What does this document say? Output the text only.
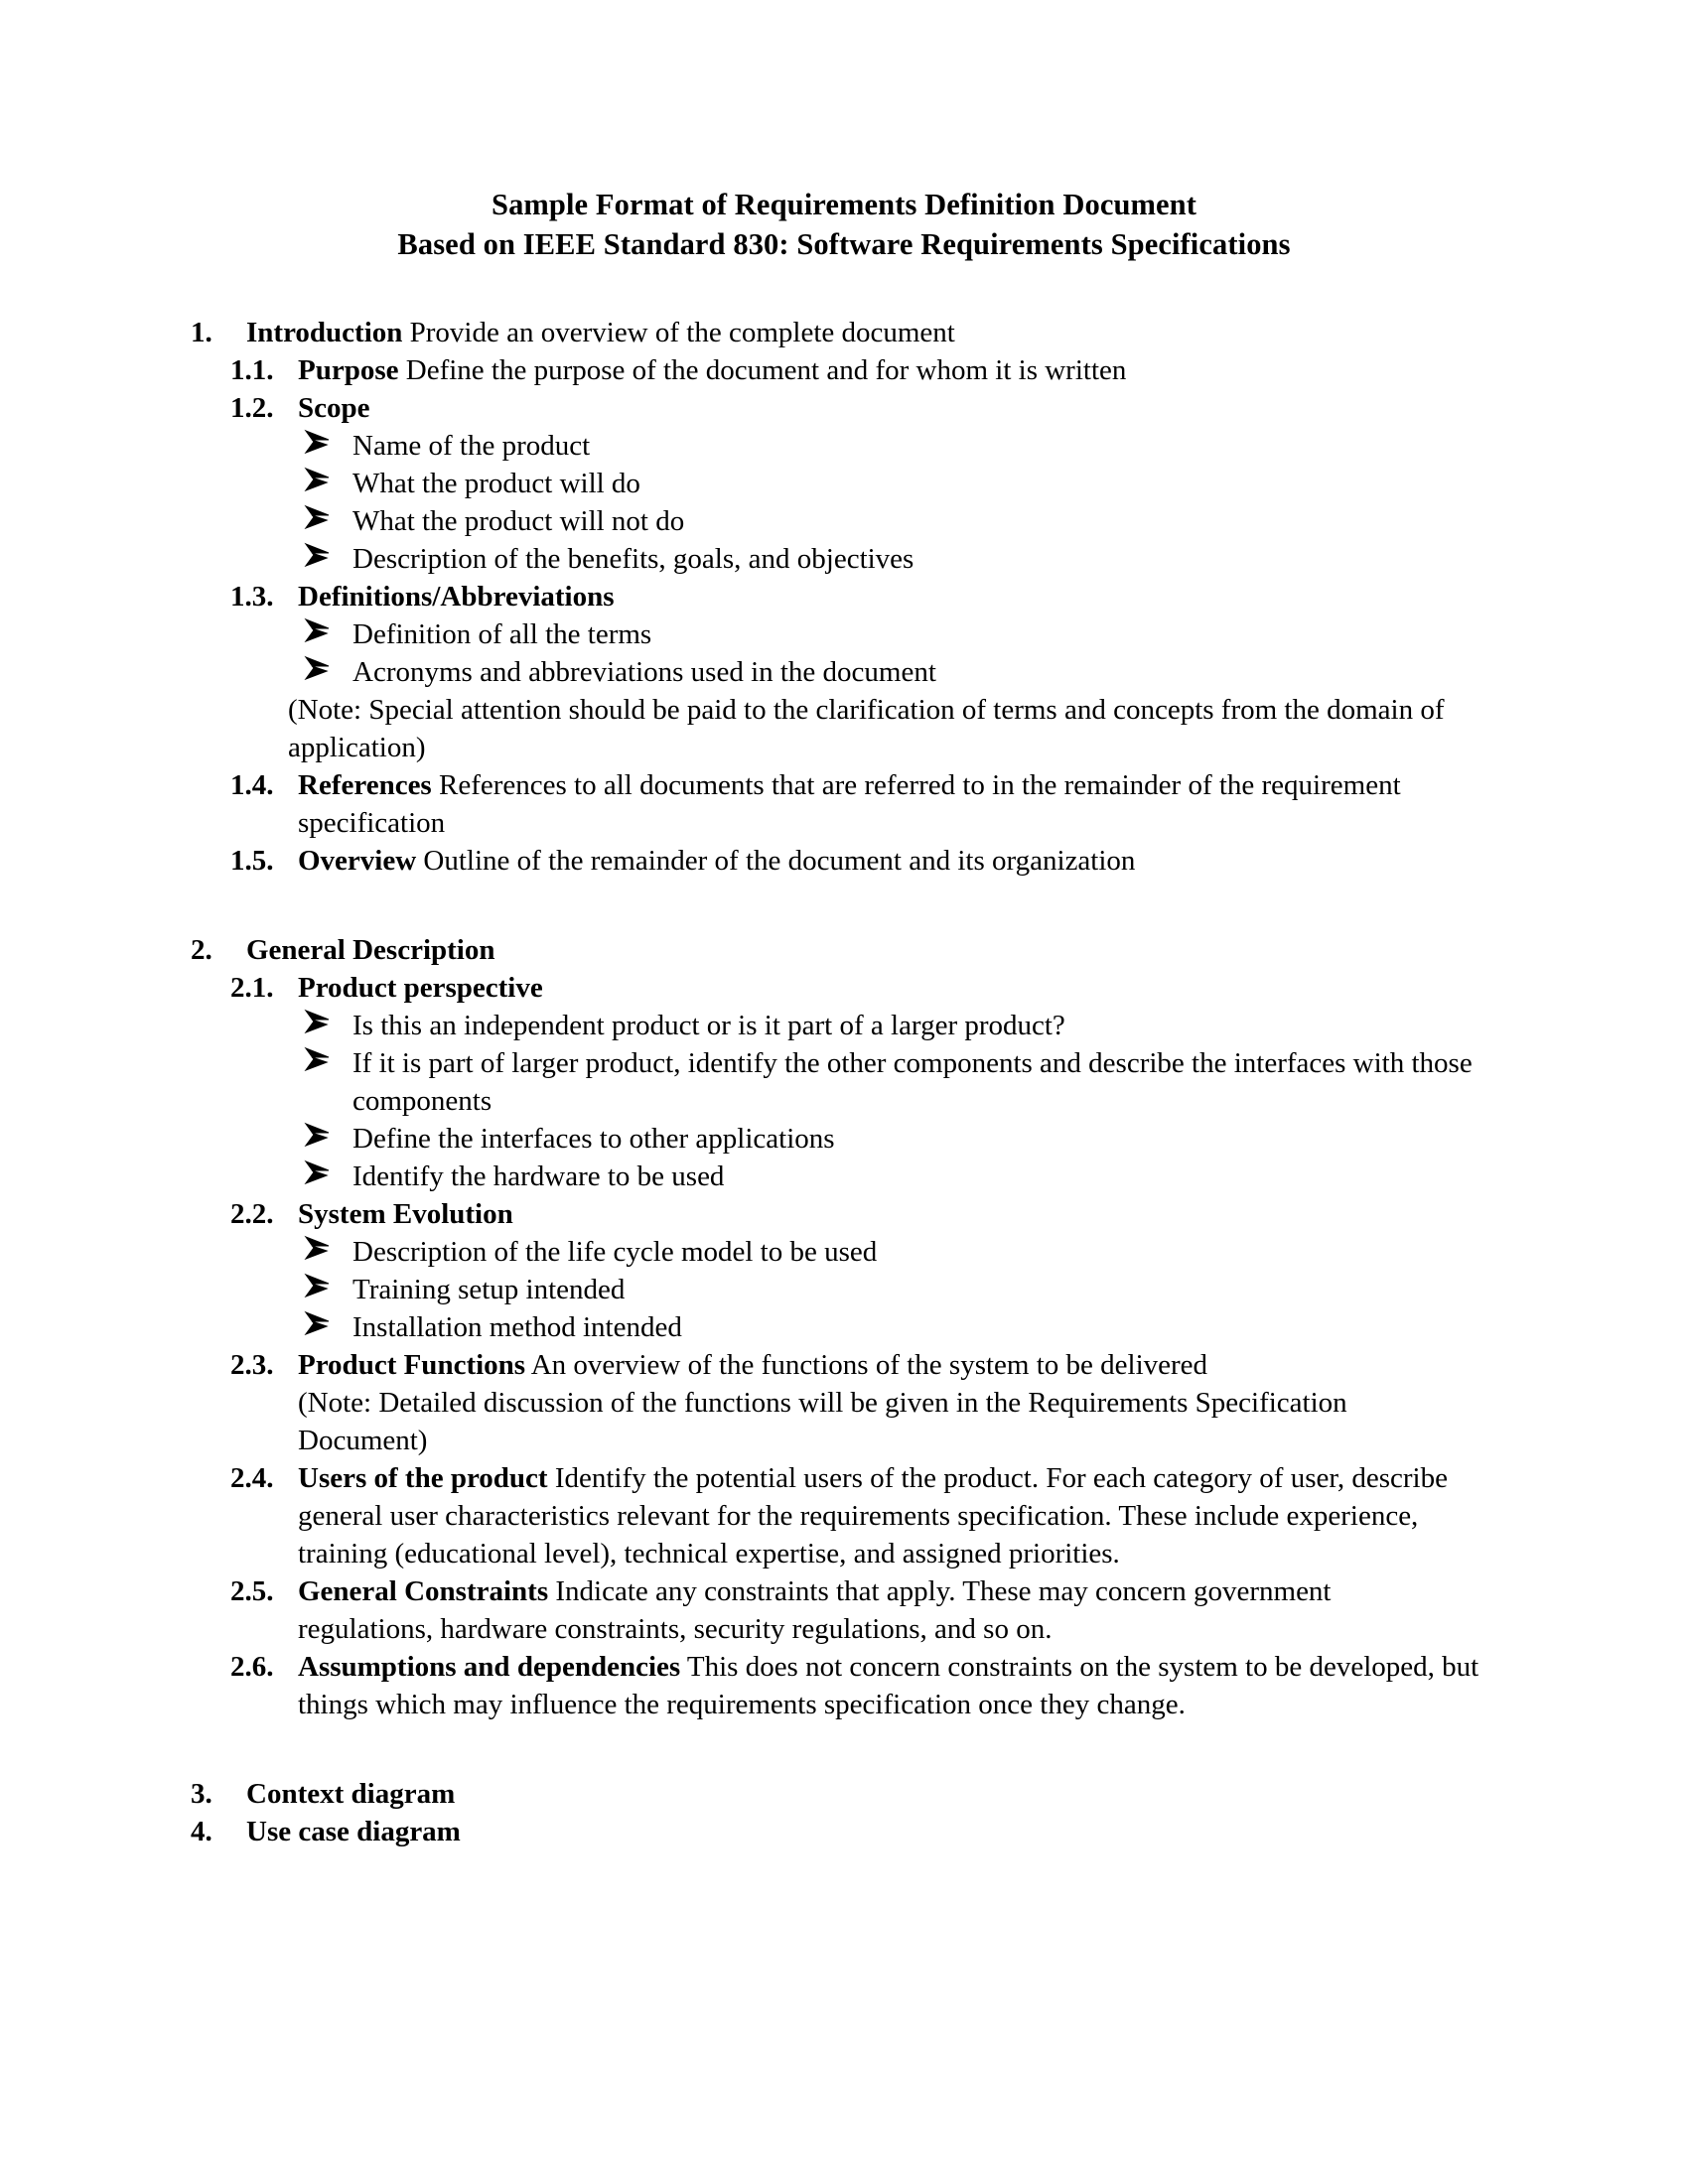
Sample Format of Requirements Definition Document
Based on IEEE Standard 830: Software Requirements Specifications
1. Introduction Provide an overview of the complete document
1.1. Purpose Define the purpose of the document and for whom it is written
1.2. Scope
Name of the product
What the product will do
What the product will not do
Description of the benefits, goals, and objectives
1.3. Definitions/Abbreviations
Definition of all the terms
Acronyms and abbreviations used in the document
(Note: Special attention should be paid to the clarification of terms and concepts from the domain of application)
1.4. References References to all documents that are referred to in the remainder of the requirement specification
1.5. Overview Outline of the remainder of the document and its organization
2. General Description
2.1. Product perspective
Is this an independent product or is it part of a larger product?
If it is part of larger product, identify the other components and describe the interfaces with those components
Define the interfaces to other applications
Identify the hardware to be used
2.2. System Evolution
Description of the life cycle model to be used
Training setup intended
Installation method intended
2.3. Product Functions An overview of the functions of the system to be delivered
(Note: Detailed discussion of the functions will be given in the Requirements Specification Document)
2.4. Users of the product Identify the potential users of the product. For each category of user, describe general user characteristics relevant for the requirements specification. These include experience, training (educational level), technical expertise, and assigned priorities.
2.5. General Constraints Indicate any constraints that apply. These may concern government regulations, hardware constraints, security regulations, and so on.
2.6. Assumptions and dependencies This does not concern constraints on the system to be developed, but things which may influence the requirements specification once they change.
3. Context diagram
4. Use case diagram
